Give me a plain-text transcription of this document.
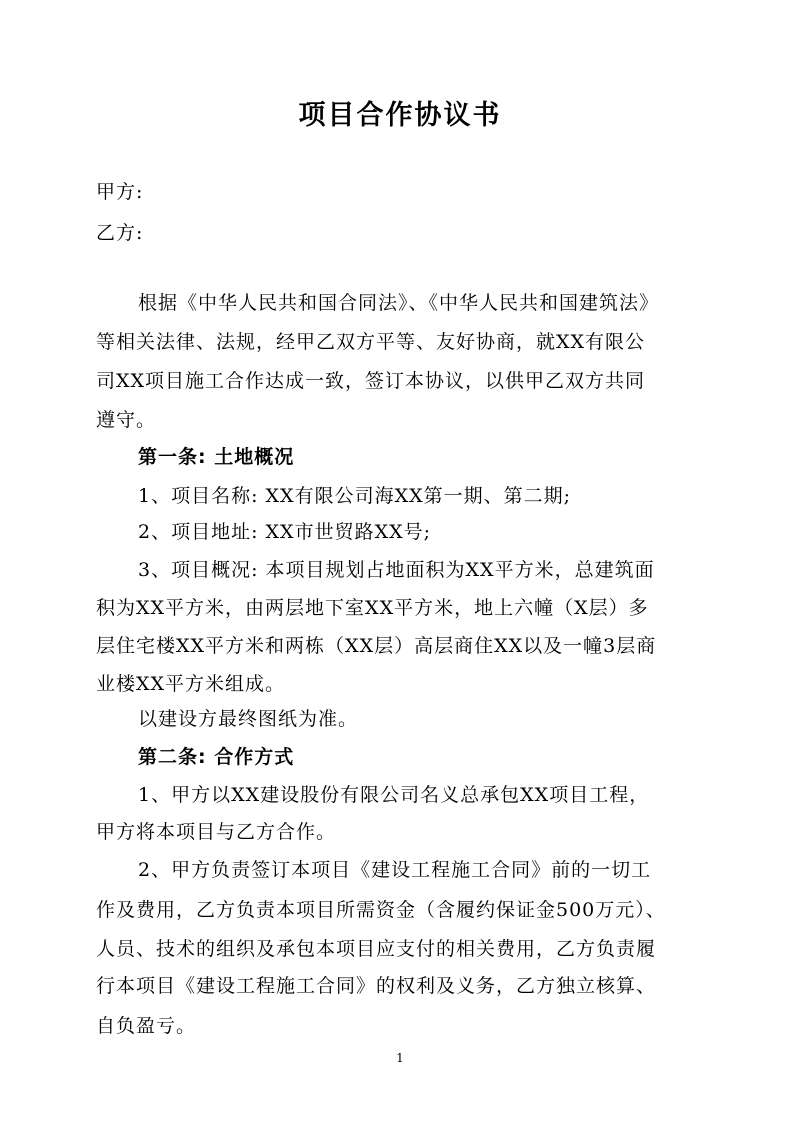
项目合作协议书
甲方:
乙方:
根据《中华人民共和国合同法》、《中华人民共和国建筑法》
等相关法律、法规，经甲乙双方平等、友好协商，就XX有限公
司XX项目施工合作达成一致，签订本协议，以供甲乙双方共同
遵守。
第一条: 土地概况
1、项目名称: XX有限公司海XX第一期、第二期;
2、项目地址: XX市世贸路XX号;
3、项目概况: 本项目规划占地面积为XX平方米，总建筑面
积为XX平方米，由两层地下室XX平方米，地上六幢（X层）多
层住宅楼XX平方米和两栋（XX层）高层商住XX以及一幢3层商
业楼XX平方米组成。
以建设方最终图纸为准。
第二条: 合作方式
1、甲方以XX建设股份有限公司名义总承包XX项目工程，
甲方将本项目与乙方合作。
2、甲方负责签订本项目《建设工程施工合同》前的一切工
作及费用，乙方负责本项目所需资金（含履约保证金500万元）、
人员、技术的组织及承包本项目应支付的相关费用，乙方负责履
行本项目《建设工程施工合同》的权利及义务，乙方独立核算、
自负盈亏。
1
